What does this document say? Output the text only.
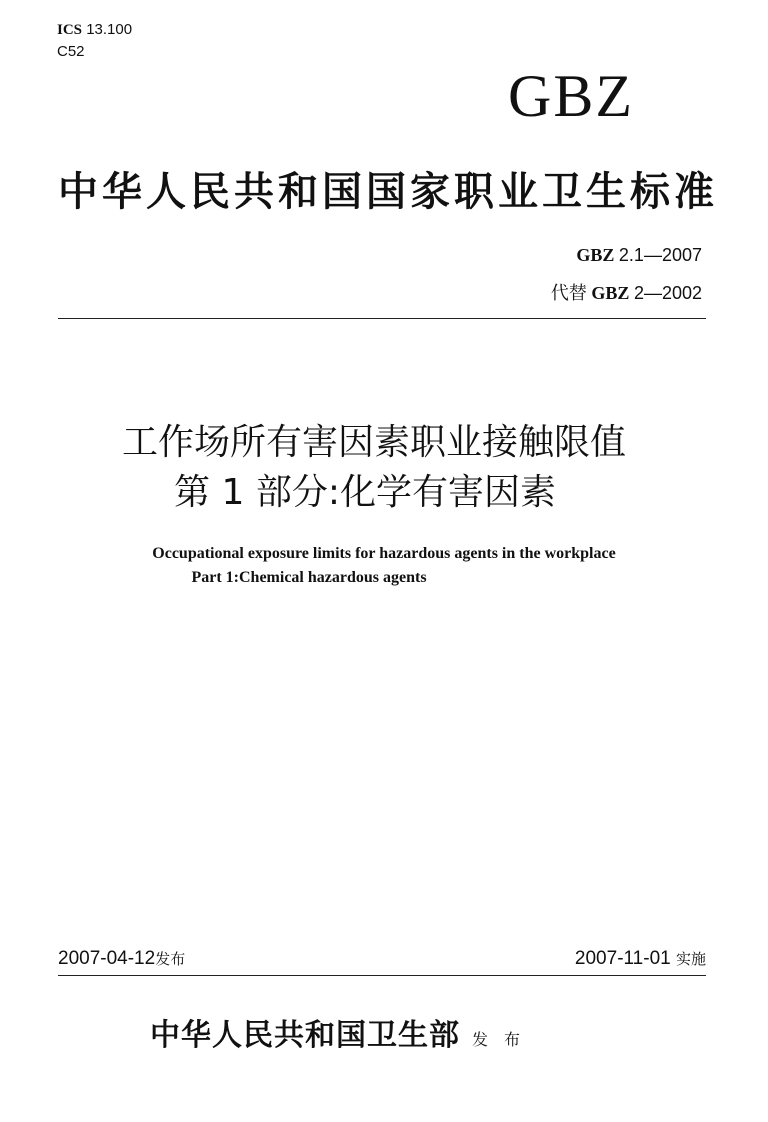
ICS 13.100
C52
GBZ
中华人民共和国国家职业卫生标准
GBZ 2.1—2007
代替 GBZ 2—2002
工作场所有害因素职业接触限值
第 1 部分:化学有害因素
Occupational exposure limits for hazardous agents in the workplace
Part 1:Chemical hazardous agents
2007-04-12发布	2007-11-01 实施
中华人民共和国卫生部 发 布
